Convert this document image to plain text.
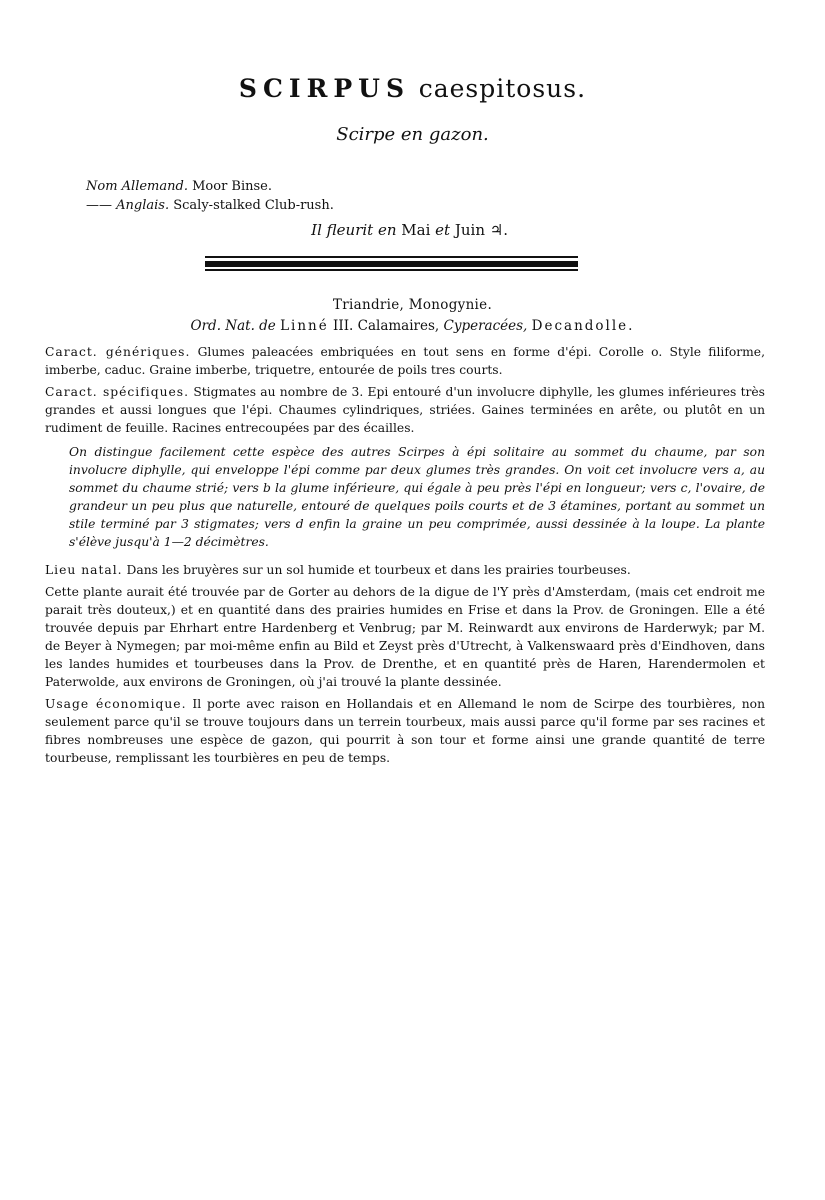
SCIRPUS caespitosus.
Scirpe en gazon.
Nom Allemand. Moor Binse.
—— Anglais. Scaly-stalked Club-rush.
Il fleurit en Mai et Juin ♃.
Triandrie, Monogynie.
Ord. Nat. de Linné III. Calamaires, Cyperacées, Decandolle.

Caract. génériques. Glumes paleacées embriquées en tout sens en forme d'épi. Corolle o. Style filiforme, imberbe, caduc. Graine imberbe, triquetre, entourée de poils tres courts.

Caract. spécifiques. Stigmates au nombre de 3. Epi entouré d'un involucre diphylle, les glumes inférieures très grandes et aussi longues que l'épi. Chaumes cylindriques, striées. Gaines terminées en arête, ou plutôt en un rudiment de feuille. Racines entrecoupées par des écailles.

On distingue facilement cette espèce des autres Scirpes à épi solitaire au sommet du chaume, par son involucre diphylle, qui enveloppe l'épi comme par deux glumes très grandes. On voit cet involucre vers a, au sommet du chaume strié; vers b la glume inférieure, qui égale à peu près l'épi en longueur; vers c, l'ovaire, de grandeur un peu plus que naturelle, entouré de quelques poils courts et de 3 étamines, portant au sommet un stile terminé par 3 stigmates; vers d enfin la graine un peu comprimée, aussi dessinée à la loupe. La plante s'élève jusqu'à 1—2 décimètres.

Lieu natal. Dans les bruyères sur un sol humide et tourbeux et dans les prairies tourbeuses.

Cette plante aurait été trouvée par de Gorter au dehors de la digue de l'Y près d'Amsterdam, (mais cet endroit me parait très douteux,) et en quantité dans des prairies humides en Frise et dans la Prov. de Groningen. Elle a été trouvée depuis par Ehrhart entre Hardenberg et Venbrug; par M. Reinwardt aux environs de Harderwyk; par M. de Beyer à Nymegen; par moi-même enfin au Bild et Zeyst près d'Utrecht, à Valkenswaard près d'Eindhoven, dans les landes humides et tourbeuses dans la Prov. de Drenthe, et en quantité près de Haren, Harendermolen et Paterwolde, aux environs de Groningen, où j'ai trouvé la plante dessinée.

Usage économique. Il porte avec raison en Hollandais et en Allemand le nom de Scirpe des tourbières, non seulement parce qu'il se trouve toujours dans un terrein tourbeux, mais aussi parce qu'il forme par ses racines et fibres nombreuses une espèce de gazon, qui pourrit à son tour et forme ainsi une grande quantité de terre tourbeuse, remplissant les tourbières en peu de temps.
